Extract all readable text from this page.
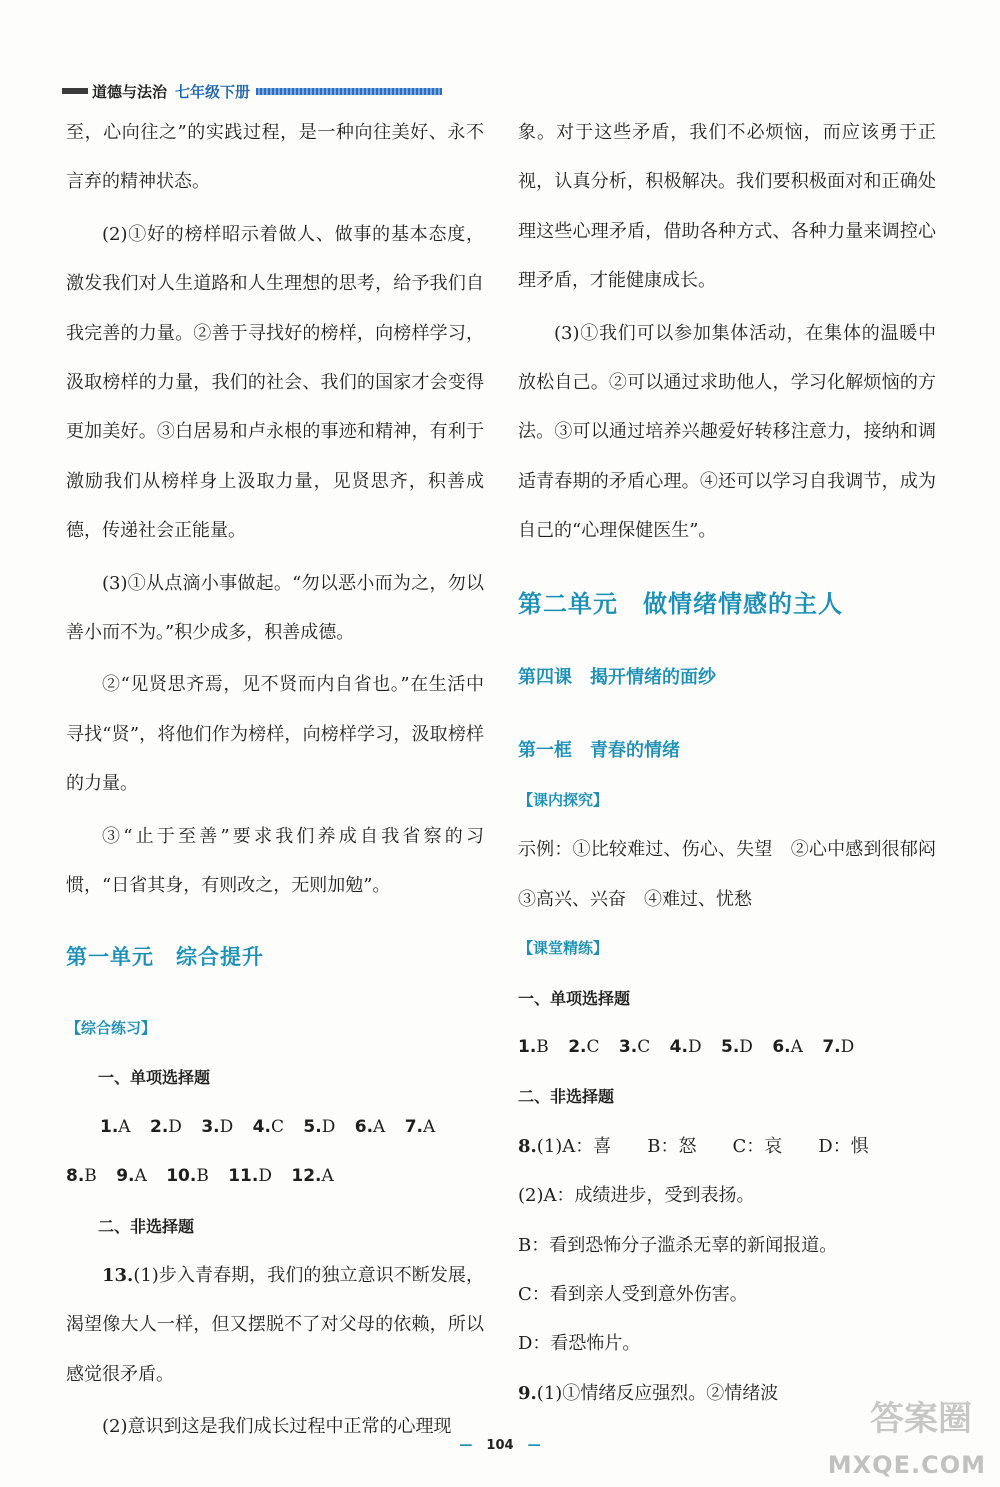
道德与法治 七年级下册

至，心向往之”的实践过程，是一种向往美好、永不言弃的精神状态。

(2)①好的榜样昭示着做人、做事的基本态度，激发我们对人生道路和人生理想的思考，给予我们自我完善的力量。②善于寻找好的榜样，向榜样学习，汲取榜样的力量，我们的社会、我们的国家才会变得更加美好。③白居易和卢永根的事迹和精神，有利于激励我们从榜样身上汲取力量，见贤思齐，积善成德，传递社会正能量。

(3)①从点滴小事做起。“勿以恶小而为之，勿以善小而不为。”积少成多，积善成德。

②“见贤思齐焉，见不贤而内自省也。”在生活中寻找“贤”，将他们作为榜样，向榜样学习，汲取榜样的力量。

③“止于至善”要求我们养成自我省察的习惯，“日省其身，有则改之，无则加勉”。

第一单元　综合提升

【综合练习】

一、单项选择题

1.A 2.D 3.D 4.C 5.D 6.A 7.A

8.B 9.A 10.B 11.D 12.A

二、非选择题

13.(1)步入青春期，我们的独立意识不断发展，渴望像大人一样，但又摆脱不了对父母的依赖，所以感觉很矛盾。

(2)意识到这是我们成长过程中正常的心理现

象。对于这些矛盾，我们不必烦恼，而应该勇于正视，认真分析，积极解决。我们要积极面对和正确处理这些心理矛盾，借助各种方式、各种力量来调控心理矛盾，才能健康成长。

(3)①我们可以参加集体活动，在集体的温暖中放松自己。②可以通过求助他人，学习化解烦恼的方法。③可以通过培养兴趣爱好转移注意力，接纳和调适青春期的矛盾心理。④还可以学习自我调节，成为自己的“心理保健医生”。

第二单元　做情绪情感的主人

第四课　揭开情绪的面纱

第一框　青春的情绪

【课内探究】

示例：①比较难过、伤心、失望　②心中感到很郁闷　③高兴、兴奋　④难过、忧愁

【课堂精练】

一、单项选择题

1.B 2.C 3.C 4.D 5.D 6.A 7.D

二、非选择题

8.(1)A：喜　　B：怒　　C：哀　　D：惧

(2)A：成绩进步，受到表扬。

B：看到恐怖分子滥杀无辜的新闻报道。

C：看到亲人受到意外伤害。

D：看恐怖片。

9.(1)①情绪反应强烈。②情绪波

— 104 —
答案圈
MXQE.COM
